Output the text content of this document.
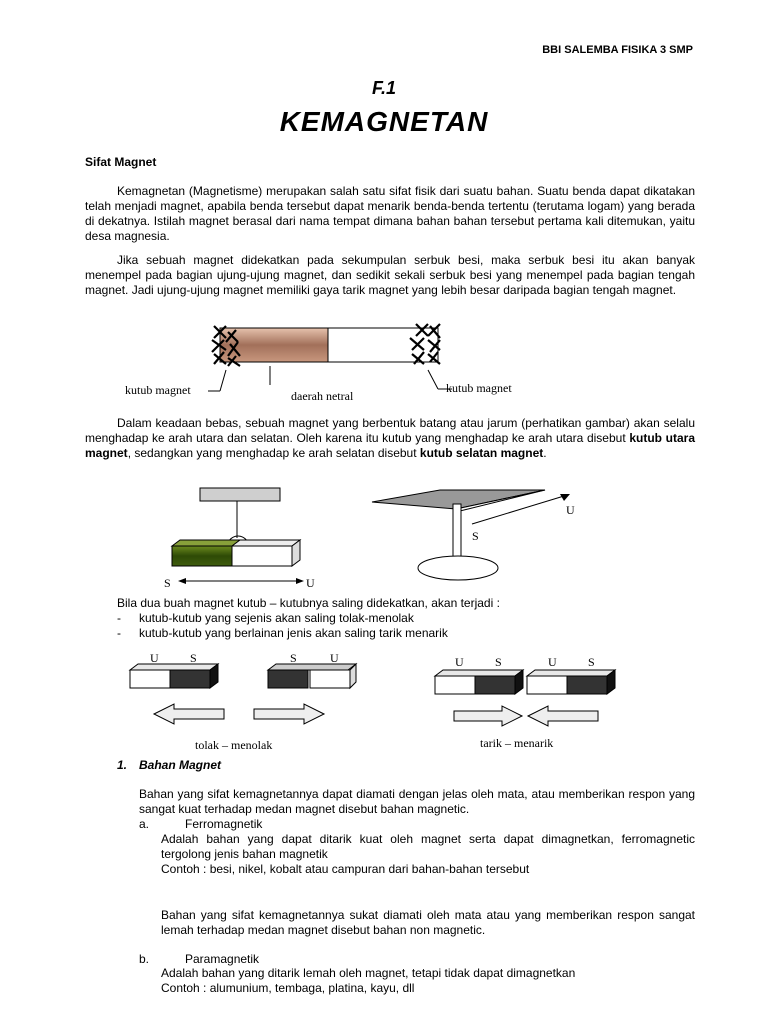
BBI SALEMBA FISIKA 3 SMP
F.1
KEMAGNETAN
Sifat Magnet
Kemagnetan (Magnetisme) merupakan salah satu sifat fisik dari suatu bahan. Suatu benda dapat dikatakan telah menjadi magnet, apabila benda tersebut dapat menarik benda-benda tertentu (terutama logam) yang berada di dekatnya. Istilah magnet berasal dari nama tempat dimana bahan bahan tersebut pertama kali ditemukan, yaitu desa magnesia.
Jika sebuah magnet didekatkan pada sekumpulan serbuk besi, maka serbuk besi itu akan banyak menempel pada bagian ujung-ujung magnet, dan sedikit sekali serbuk besi yang menempel pada bagian tengah magnet. Jadi ujung-ujung magnet memiliki gaya tarik magnet yang lebih besar daripada bagian tengah magnet.
kutub magnet	daerah netral
kutub magnet
Dalam keadaan bebas, sebuah magnet yang berbentuk batang atau jarum (perhatikan gambar) akan selalu menghadap ke arah utara dan selatan. Oleh karena itu kutub yang menghadap ke arah utara disebut kutub utara magnet, sedangkan yang menghadap ke arah selatan disebut kutub selatan magnet.
S	U
U
S
Bila dua buah magnet kutub – kutubnya saling didekatkan, akan terjadi :
- kutub-kutub yang sejenis akan saling tolak-menolak
- kutub-kutub yang berlainan jenis akan saling tarik menarik
U	S	S	U	U	S	U	S
tolak – menolak	tarik – menarik
1. Bahan Magnet
Bahan yang sifat kemagnetannya dapat diamati dengan jelas oleh mata, atau memberikan respon yang sangat kuat terhadap medan magnet disebut bahan magnetic.
a.	Ferromagnetik
Adalah bahan yang dapat ditarik kuat oleh magnet serta dapat dimagnetkan, ferromagnetic tergolong jenis bahan magnetik
Contoh : besi, nikel, kobalt atau campuran dari bahan-bahan tersebut
Bahan yang sifat kemagnetannya sukat diamati oleh mata atau yang memberikan respon sangat lemah terhadap medan magnet disebut bahan non magnetic.
b.	Paramagnetik
Adalah bahan yang ditarik lemah oleh magnet, tetapi tidak dapat dimagnetkan
Contoh : alumunium, tembaga, platina, kayu, dll
